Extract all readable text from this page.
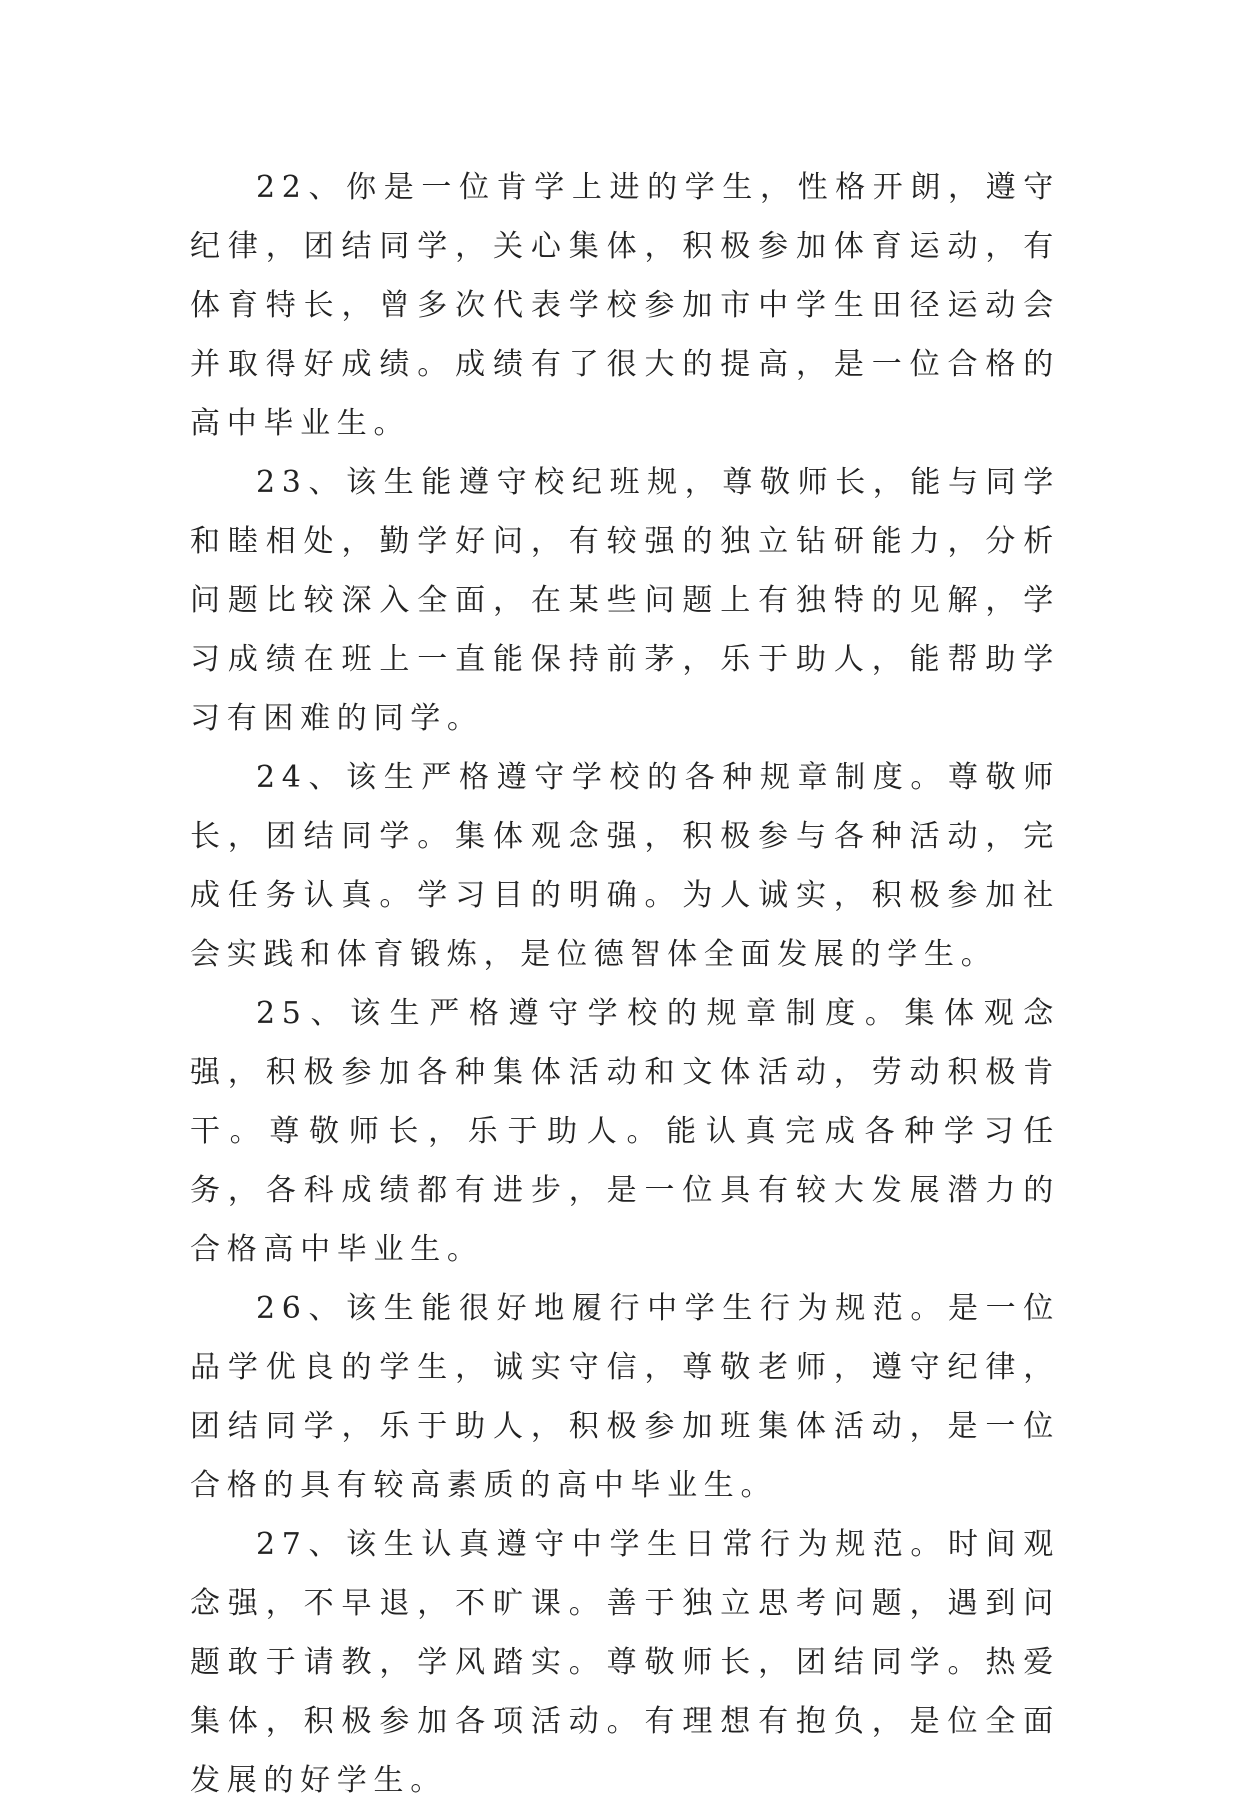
22、你是一位肯学上进的学生，性格开朗，遵守纪律，团结同学，关心集体，积极参加体育运动，有体育特长，曾多次代表学校参加市中学生田径运动会并取得好成绩。成绩有了很大的提高，是一位合格的高中毕业生。

23、该生能遵守校纪班规，尊敬师长，能与同学和睦相处，勤学好问，有较强的独立钻研能力，分析问题比较深入全面，在某些问题上有独特的见解，学习成绩在班上一直能保持前茅，乐于助人，能帮助学习有困难的同学。

24、该生严格遵守学校的各种规章制度。尊敬师长，团结同学。集体观念强，积极参与各种活动，完成任务认真。学习目的明确。为人诚实，积极参加社会实践和体育锻炼，是位德智体全面发展的学生。

25、该生严格遵守学校的规章制度。集体观念强，积极参加各种集体活动和文体活动，劳动积极肯干。尊敬师长，乐于助人。能认真完成各种学习任务，各科成绩都有进步，是一位具有较大发展潜力的合格高中毕业生。

26、该生能很好地履行中学生行为规范。是一位品学优良的学生，诚实守信，尊敬老师，遵守纪律，团结同学，乐于助人，积极参加班集体活动，是一位合格的具有较高素质的高中毕业生。

27、该生认真遵守中学生日常行为规范。时间观念强，不早退，不旷课。善于独立思考问题，遇到问题敢于请教，学风踏实。尊敬师长，团结同学。热爱集体，积极参加各项活动。有理想有抱负，是位全面发展的好学生。
